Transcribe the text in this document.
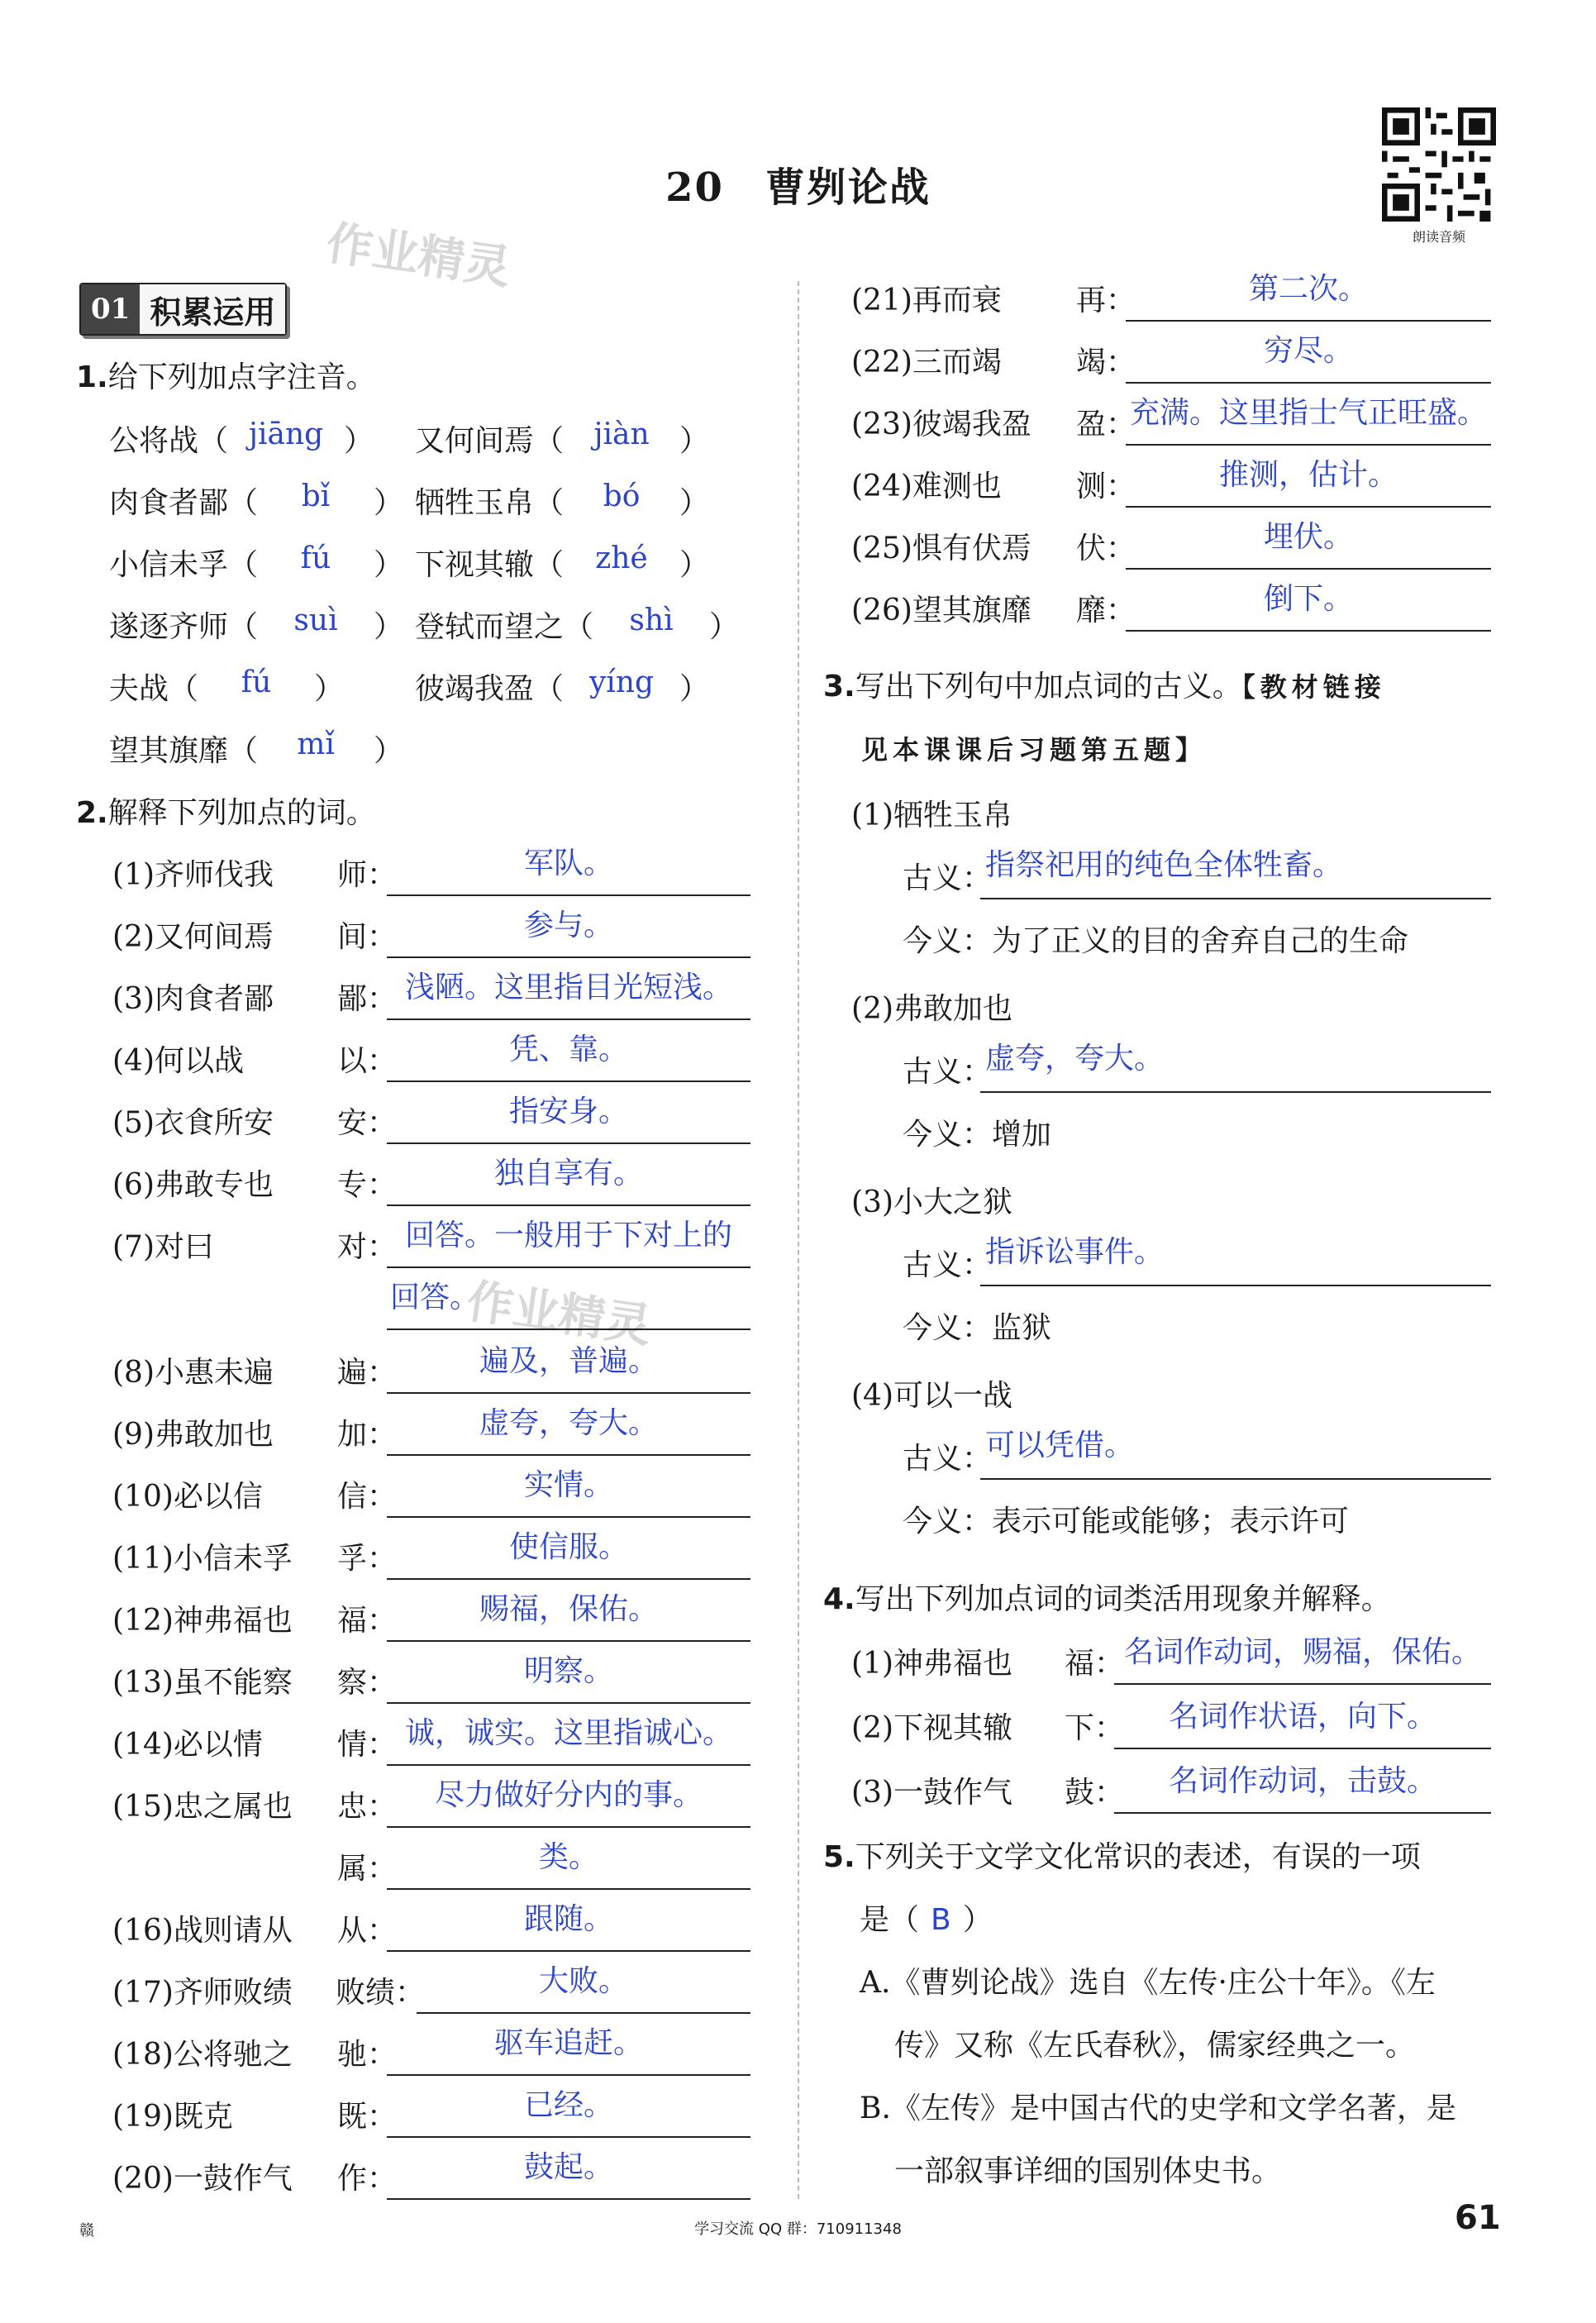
20　曹刿论战
朗读音频
作业精灵
作业精灵
01 积累运用
1.给下列加点字注音。
公将战（ jiāng ） 又何间焉（	jiàn	）
肉食者鄙（	bǐ	） 牺牲玉帛（	bó	）
小信未孚（	fú	） 下视其辙（	zhé	）
遂逐齐师（	suì	） 登轼而望之（	shì	）
夫战（	fú	） 彼竭我盈（ yíng ）
望其旗靡（	mǐ	）
2.解释下列加点的词。
(1)齐师伐我 师：	军队。
(2)又何间焉 间：	参与。
(3)肉食者鄙 鄙： 浅陋。这里指目光短浅。
(4)何以战	以：	凭、靠。
(5)衣食所安 安：	指安身。
(6)弗敢专也 专：	独自享有。
(7)对曰	对： 回答。一般用于下对上的
回答。
(8)小惠未遍 遍：	遍及，普遍。
(9)弗敢加也 加：	虚夸，夸大。
(10)必以信	信：	实情。
(11)小信未孚 孚：	使信服。
(12)神弗福也 福：	赐福，保佑。
(13)虽不能察 察：	明察。
(14)必以情	情： 诚，诚实。这里指诚心。
(15)忠之属也 忠：	尽力做好分内的事。
属：	类。
(16)战则请从 从：	跟随。
(17)齐师败绩 败绩：	大败。
(18)公将驰之 驰：	驱车追赶。
(19)既克	既：	已经。
(20)一鼓作气 作：	鼓起。
(21)再而衰	再：	第二次。
(22)三而竭	竭：	穷尽。
(23)彼竭我盈 盈：
充满。这里指士气正旺盛。
(24)难测也	测：	推测，估计。
(25)惧有伏焉 伏：	埋伏。
(26)望其旗靡 靡：	倒下。
3.写出下列句中加点词的古义。【教材链接
见本课课后习题第五题】
(1)牺牲玉帛
古义：
指祭祀用的纯色全体牲畜。
今义：为了正义的目的舍弃自己的生命
(2)弗敢加也
古义：
虚夸，夸大。
今义：增加
(3)小大之狱
古义：
指诉讼事件。
今义：监狱
(4)可以一战
古义：
可以凭借。
今义：表示可能或能够；表示许可
4.写出下列加点词的词类活用现象并解释。
(1)神弗福也 福： 名词作动词，赐福，保佑。
(2)下视其辙 下：	名词作状语，向下。
(3)一鼓作气 鼓：	名词作动词，击鼓。
5.下列关于文学文化常识的表述，有误的一项
是（ B ）
A.《曹刿论战》选自《左传·庄公十年》。《左
传》又称《左氏春秋》，儒家经典之一。
B.《左传》是中国古代的史学和文学名著，是
一部叙事详细的国别体史书。
赣	学习交流 QQ 群：710911348	61
